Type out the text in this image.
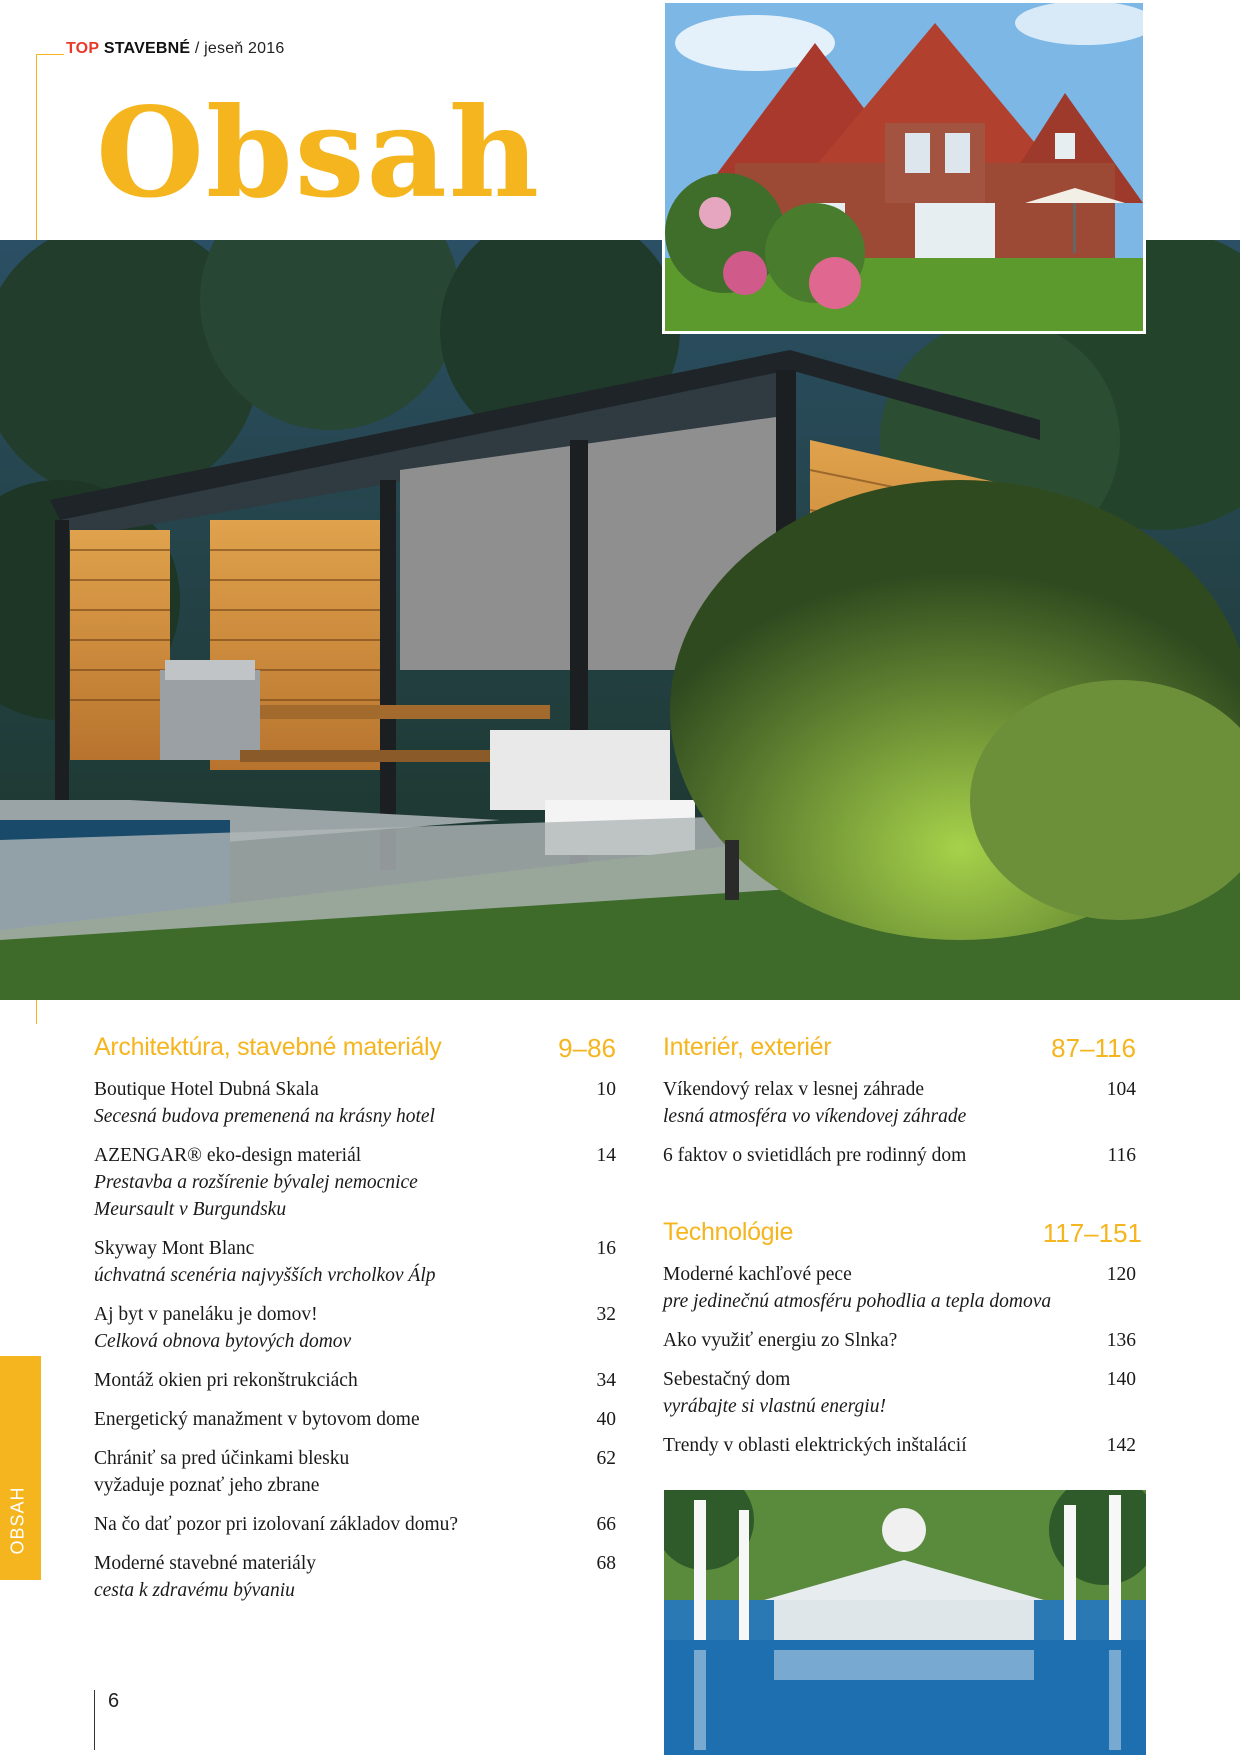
TOP STAVEBNÉ / jeseň 2016
Obsah
Architektúra, stavebné materiály	9–86
Boutique Hotel Dubná Skala	10
Secesná budova premenená na krásny hotel
AZENGAR® eko-design materiál	14
Prestavba a rozšírenie bývalej nemocnice
Meursault v Burgundsku
Skyway Mont Blanc	16
úchvatná scenéria najvyšších vrcholkov Álp
Aj byt v paneláku je domov!	32
Celková obnova bytových domov
Montáž okien pri rekonštrukciách	34
Energetický manažment v bytovom dome	40
Chrániť sa pred účinkami blesku	62
vyžaduje poznať jeho zbrane
Na čo dať pozor pri izolovaní základov domu?	66
Moderné stavebné materiály	68
cesta k zdravému bývaniu
Interiér, exteriér	87–116
Víkendový relax v lesnej záhrade	104
lesná atmosféra vo víkendovej záhrade
6 faktov o svietidlách pre rodinný dom	116
Technológie	117–151
Moderné kachľové pece	120
pre jedinečnú atmosféru pohodlia a tepla domova
Ako využiť energiu zo Slnka?	136
Sebestačný dom	140
vyrábajte si vlastnú energiu!
Trendy v oblasti elektrických inštalácií	142
OBSAH
6
